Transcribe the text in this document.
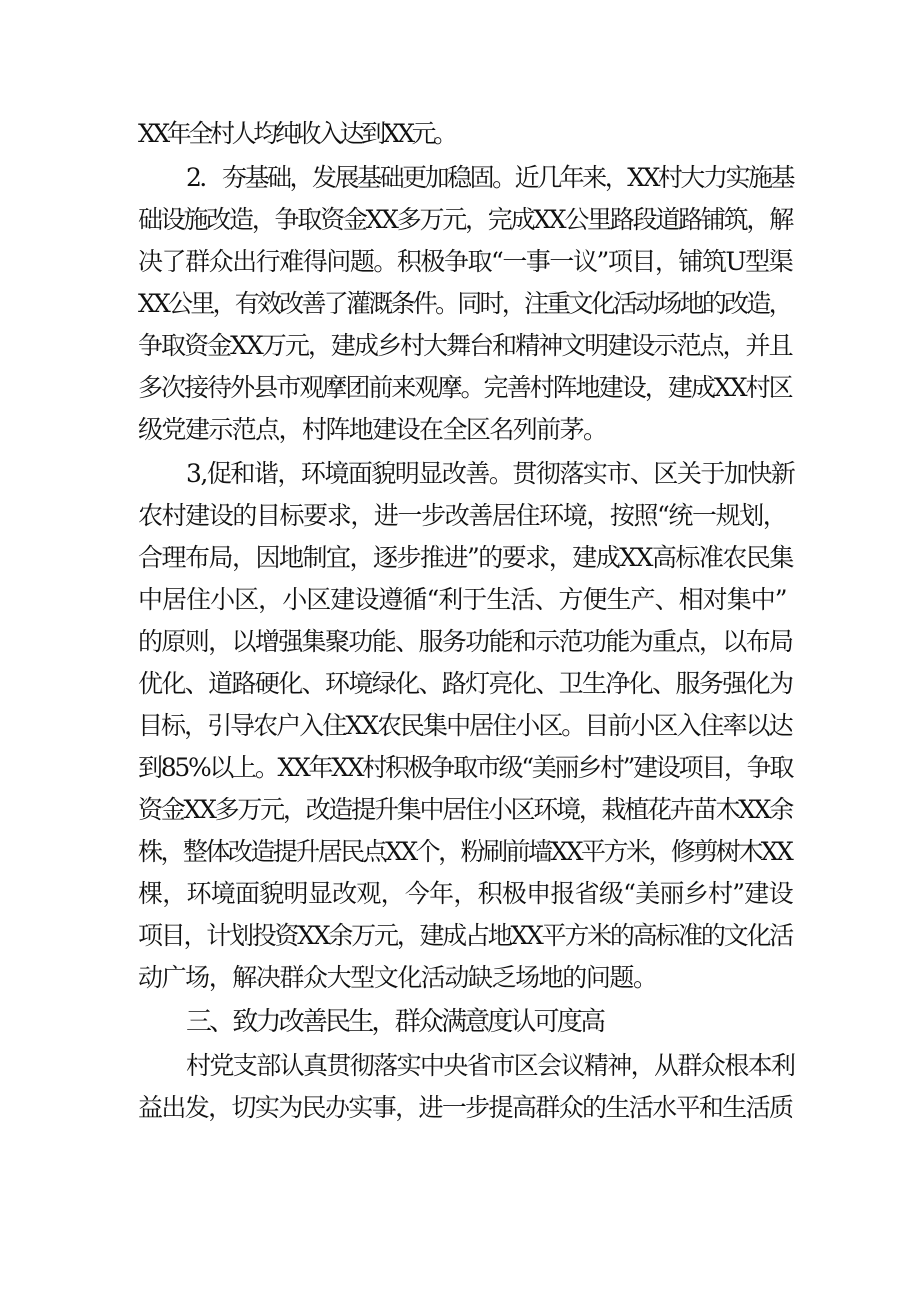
XX年全村人均纯收入达到XX元。
2．夯基础，发展基础更加稳固。近几年来，XX村大力实施基
础设施改造，争取资金XX多万元，完成XX公里路段道路铺筑，解
决了群众出行难得问题。积极争取“一事一议”项目，铺筑U型渠
XX公里，有效改善了灌溉条件。同时，注重文化活动场地的改造，
争取资金XX万元，建成乡村大舞台和精神文明建设示范点，并且
多次接待外县市观摩团前来观摩。完善村阵地建设，建成XX村区
级党建示范点，村阵地建设在全区名列前茅。
3,促和谐，环境面貌明显改善。贯彻落实市、区关于加快新
农村建设的目标要求，进一步改善居住环境，按照“统一规划，
合理布局，因地制宜，逐步推进”的要求，建成XX高标准农民集
中居住小区，小区建设遵循“利于生活、方便生产、相对集中”
的原则，以增强集聚功能、服务功能和示范功能为重点，以布局
优化、道路硬化、环境绿化、路灯亮化、卫生净化、服务强化为
目标，引导农户入住XX农民集中居住小区。目前小区入住率以达
到85%以上。XX年XX村积极争取市级“美丽乡村”建设项目，争取
资金XX多万元，改造提升集中居住小区环境，栽植花卉苗木XX余
株，整体改造提升居民点XX个，粉刷前墙XX平方米，修剪树木XX
棵，环境面貌明显改观，今年，积极申报省级“美丽乡村”建设
项目，计划投资XX余万元，建成占地XX平方米的高标准的文化活
动广场，解决群众大型文化活动缺乏场地的问题。
三、致力改善民生，群众满意度认可度高
村党支部认真贯彻落实中央省市区会议精神，从群众根本利
益出发，切实为民办实事，进一步提高群众的生活水平和生活质
